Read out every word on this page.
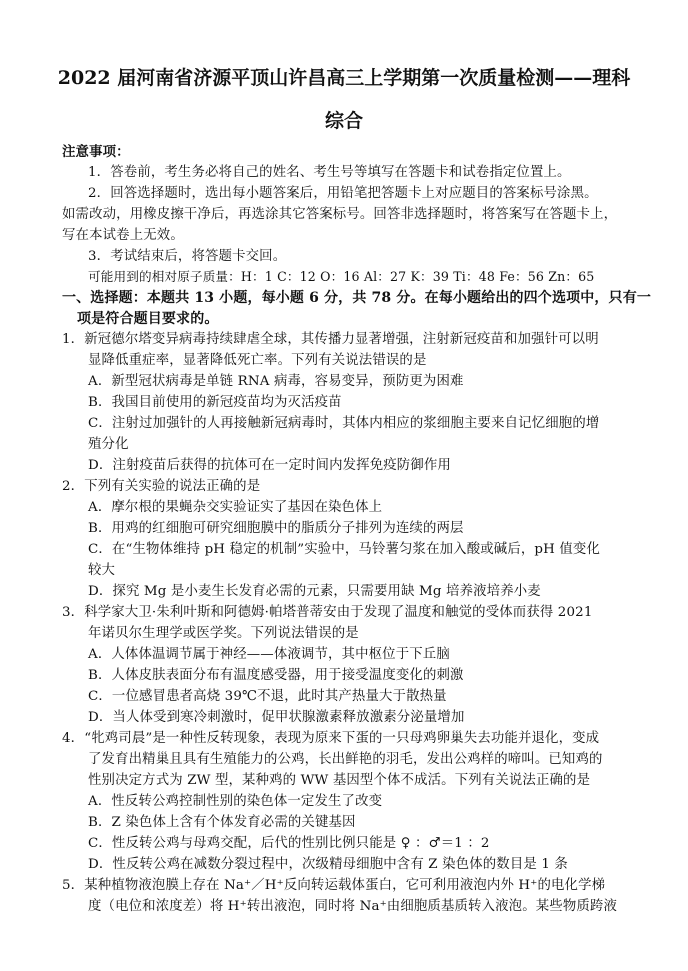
2022 届河南省济源平顶山许昌高三上学期第一次质量检测——理科
综合
注意事项：
1．答卷前，考生务必将自己的姓名、考生号等填写在答题卡和试卷指定位置上。
2．回答选择题时，选出每小题答案后，用铅笔把答题卡上对应题目的答案标号涂黑。
如需改动，用橡皮擦干净后，再选涂其它答案标号。回答非选择题时，将答案写在答题卡上，
写在本试卷上无效。
3．考试结束后，将答题卡交回。
可能用到的相对原子质量：H：1 C：12 O：16 Al：27 K：39 Ti：48 Fe：56 Zn：65
一、选择题：本题共 13 小题，每小题 6 分，共 78 分。在每小题给出的四个选项中，只有一
项是符合题目要求的。
1．新冠德尔塔变异病毒持续肆虐全球，其传播力显著增强，注射新冠疫苗和加强针可以明
显降低重症率，显著降低死亡率。下列有关说法错误的是
A．新型冠状病毒是单链 RNA 病毒，容易变异，预防更为困难
B．我国目前使用的新冠疫苗均为灭活疫苗
C．注射过加强针的人再接触新冠病毒时，其体内相应的浆细胞主要来自记忆细胞的增
殖分化
D．注射疫苗后获得的抗体可在一定时间内发挥免疫防御作用
2．下列有关实验的说法正确的是
A．摩尔根的果蝇杂交实验证实了基因在染色体上
B．用鸡的红细胞可研究细胞膜中的脂质分子排列为连续的两层
C．在“生物体维持 pH 稳定的机制”实验中，马铃薯匀浆在加入酸或碱后，pH 值变化
较大
D．探究 Mg 是小麦生长发育必需的元素，只需要用缺 Mg 培养液培养小麦
3．科学家大卫·朱利叶斯和阿德姆·帕塔普蒂安由于发现了温度和触觉的受体而获得 2021
年诺贝尔生理学或医学奖。下列说法错误的是
A．人体体温调节属于神经——体液调节，其中枢位于下丘脑
B．人体皮肤表面分布有温度感受器，用于接受温度变化的刺激
C．一位感冒患者高烧 39℃不退，此时其产热量大于散热量
D．当人体受到寒冷刺激时，促甲状腺激素释放激素分泌量增加
4．“牝鸡司晨”是一种性反转现象，表现为原来下蛋的一只母鸡卵巢失去功能并退化，变成
了发育出精巢且具有生殖能力的公鸡，长出鲜艳的羽毛，发出公鸡样的啼叫。已知鸡的
性别决定方式为 ZW 型，某种鸡的 WW 基因型个体不成活。下列有关说法正确的是
A．性反转公鸡控制性别的染色体一定发生了改变
B．Z 染色体上含有个体发育必需的关键基因
C．性反转公鸡与母鸡交配，后代的性别比例只能是 ♀ ：♂＝1 ：2
D．性反转公鸡在减数分裂过程中，次级精母细胞中含有 Z 染色体的数目是 1 条
5．某种植物液泡膜上存在 Na⁺／H⁺反向转运载体蛋白，它可利用液泡内外 H⁺的电化学梯
度（电位和浓度差）将 H⁺转出液泡，同时将 Na⁺由细胞质基质转入液泡。某些物质跨液
